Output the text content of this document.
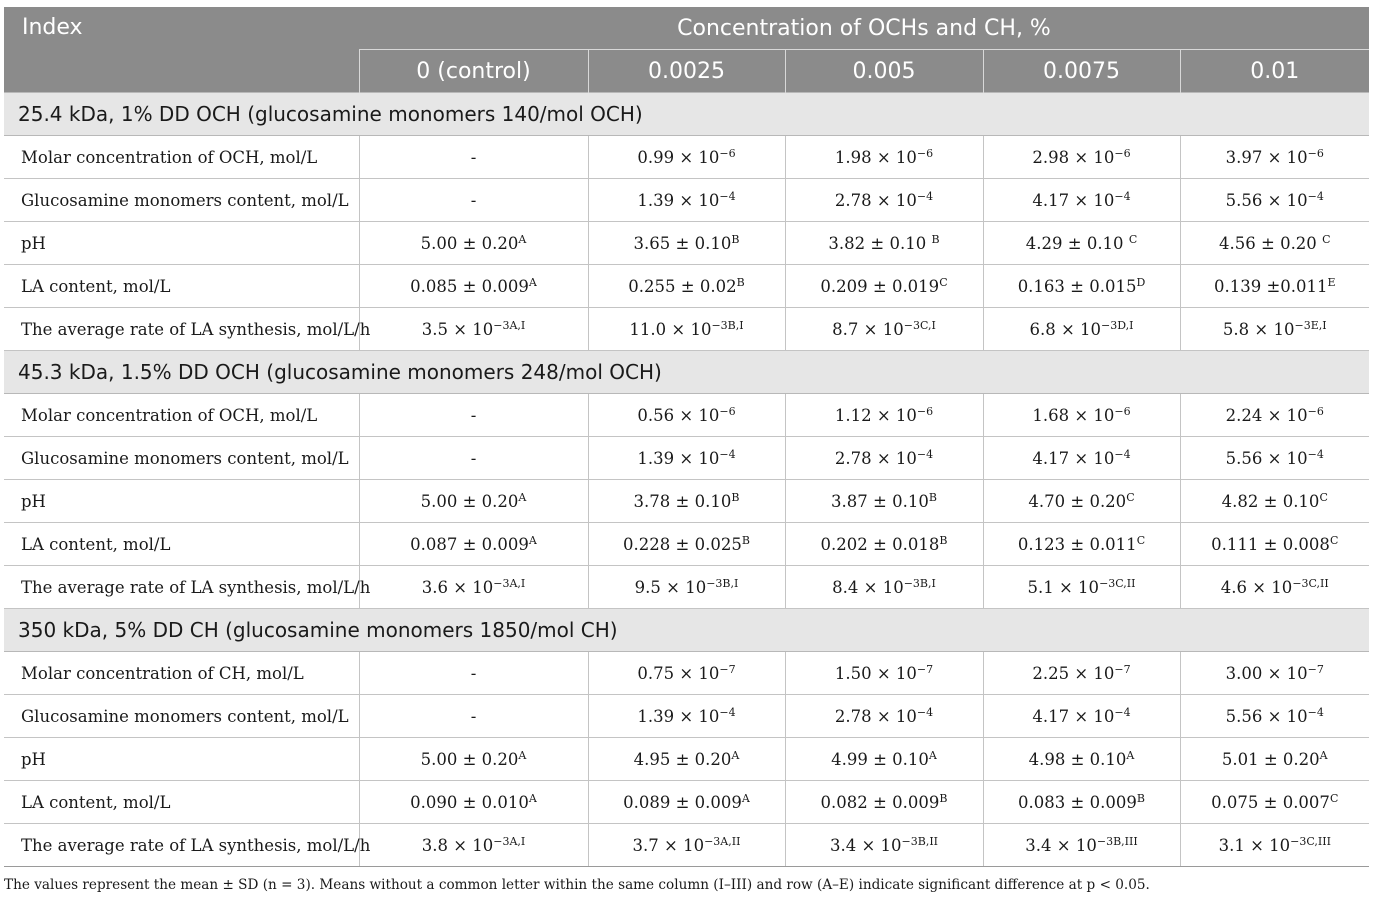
Index	Concentration of OCHs and CH, %				
	0 (control)	0.0025	0.005	0.0075	0.01
25.4 kDa, 1% DD OCH (glucosamine monomers 140/mol OCH)					
Molar concentration of OCH, mol/L	-	$0.99 \times 10^{-6}$	$1.98 \times 10^{-6}$	$2.98 \times 10^{-6}$	$3.97 \times 10^{-6}$
Glucosamine monomers content, mol/L	-	$1.39 \times 10^{-4}$	$2.78 \times 10^{-4}$	$4.17 \times 10^{-4}$	$5.56 \times 10^{-4}$
pH	$5.00 \pm 0.20^A$	$3.65 \pm 0.10^B$	3.82 ± 0.10 $^B$	4.29 ± 0.10 $^C$	4.56 ± 0.20 $^C$
LA content, mol/L	$0.085 \pm 0.009^A$	$0.255 \pm 0.02^B$	$0.209 \pm 0.019^C$	$0.163 \pm 0.015^D$	$0.139 \pm 0.011^E$
The average rate of LA synthesis, mol/L/h	$3.5 \times 10^{-3A,I}$	$11.0 \times 10^{-3B,I}$	$8.7 \times 10^{-3C,I}$	$6.8 \times 10^{-3D,I}$	$5.8 \times 10^{-3E,I}$
45.3 kDa, 1.5% DD OCH (glucosamine monomers 248/mol OCH)					
Molar concentration of OCH, mol/L	-	$0.56 \times 10^{-6}$	$1.12 \times 10^{-6}$	$1.68 \times 10^{-6}$	$2.24 \times 10^{-6}$
Glucosamine monomers content, mol/L	-	$1.39 \times 10^{-4}$	$2.78 \times 10^{-4}$	$4.17 \times 10^{-4}$	$5.56 \times 10^{-4}$
pH	$5.00 \pm 0.20^A$	$3.78 \pm 0.10^B$	$3.87 \pm 0.10^B$	$4.70 \pm 0.20^C$	$4.82 \pm 0.10^C$
LA content, mol/L	$0.087 \pm 0.009^A$	$0.228 \pm 0.025^B$	$0.202 \pm 0.018^B$	$0.123 \pm 0.011^C$	$0.111 \pm 0.008^C$
The average rate of LA synthesis, mol/L/h	$3.6 \times 10^{-3A,I}$	$9.5 \times 10^{-3B,I}$	$8.4 \times 10^{-3B,I}$	$5.1 \times 10^{-3C,II}$	$4.6 \times 10^{-3C,II}$
350 kDa, 5% DD CH (glucosamine monomers 1850/mol CH)					
Molar concentration of CH, mol/L	-	$0.75 \times 10^{-7}$	$1.50 \times 10^{-7}$	$2.25 \times 10^{-7}$	$3.00 \times 10^{-7}$
Glucosamine monomers content, mol/L	-	$1.39 \times 10^{-4}$	$2.78 \times 10^{-4}$	$4.17 \times 10^{-4}$	$5.56 \times 10^{-4}$
pH	$5.00 \pm 0.20^A$	$4.95 \pm 0.20^A$	$4.99 \pm 0.10^A$	$4.98 \pm 0.10^A$	$5.01 \pm 0.20^A$
LA content, mol/L	$0.090 \pm 0.010^A$	$0.089 \pm 0.009^A$	$0.082 \pm 0.009^B$	$0.083 \pm 0.009^B$	$0.075 \pm 0.007^C$
The average rate of LA synthesis, mol/L/h	$3.8 \times 10^{-3A,I}$	$3.7 \times 10^{-3A,II}$	$3.4 \times 10^{-3B,II}$	$3.4 \times 10^{-3B,III}$	$3.1 \times 10^{-3C,III}$
The values represent the mean ± SD (n = 3). Means without a common letter within the same column (I–III) and row (A–E) indicate significant difference at p < 0.05.
